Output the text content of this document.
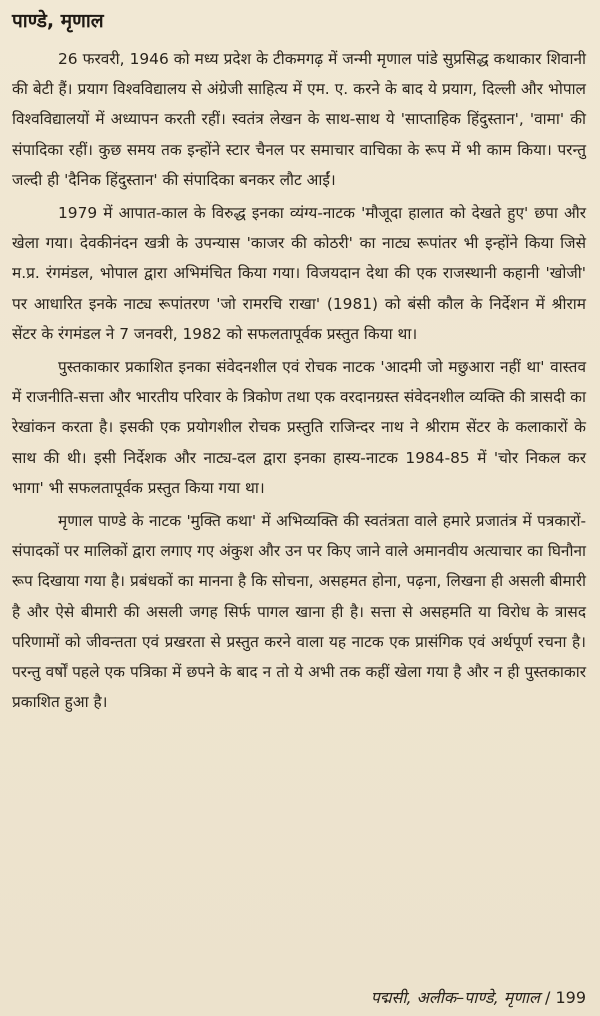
पाण्डे, मृणाल

26 फरवरी, 1946 को मध्य प्रदेश के टीकमगढ़ में जन्मी मृणाल पांडे सुप्रसिद्ध कथाकार शिवानी की बेटी हैं। प्रयाग विश्वविद्यालय से अंग्रेजी साहित्य में एम. ए. करने के बाद ये प्रयाग, दिल्ली और भोपाल विश्वविद्यालयों में अध्यापन करती रहीं। स्वतंत्र लेखन के साथ-साथ ये 'साप्ताहिक हिंदुस्तान', 'वामा' की संपादिका रहीं। कुछ समय तक इन्होंने स्टार चैनल पर समाचार वाचिका के रूप में भी काम किया। परन्तु जल्दी ही 'दैनिक हिंदुस्तान' की संपादिका बनकर लौट आईं।

1979 में आपात-काल के विरुद्ध इनका व्यंग्य-नाटक 'मौजूदा हालात को देखते हुए' छपा और खेला गया। देवकीनंदन खत्री के उपन्यास 'काजर की कोठरी' का नाट्य रूपांतर भी इन्होंने किया जिसे म.प्र. रंगमंडल, भोपाल द्वारा अभिमंचित किया गया। विजयदान देथा की एक राजस्थानी कहानी 'खोजी' पर आधारित इनके नाट्य रूपांतरण 'जो रामरचि राखा' (1981) को बंसी कौल के निर्देशन में श्रीराम सेंटर के रंगमंडल ने 7 जनवरी, 1982 को सफलतापूर्वक प्रस्तुत किया था।

पुस्तकाकार प्रकाशित इनका संवेदनशील एवं रोचक नाटक 'आदमी जो मछुआरा नहीं था' वास्तव में राजनीति-सत्ता और भारतीय परिवार के त्रिकोण तथा एक वरदानग्रस्त संवेदनशील व्यक्ति की त्रासदी का रेखांकन करता है। इसकी एक प्रयोगशील रोचक प्रस्तुति राजिन्दर नाथ ने श्रीराम सेंटर के कलाकारों के साथ की थी। इसी निर्देशक और नाट्य-दल द्वारा इनका हास्य-नाटक 1984-85 में 'चोर निकल कर भागा' भी सफलतापूर्वक प्रस्तुत किया गया था।

मृणाल पाण्डे के नाटक 'मुक्ति कथा' में अभिव्यक्ति की स्वतंत्रता वाले हमारे प्रजातंत्र में पत्रकारों-संपादकों पर मालिकों द्वारा लगाए गए अंकुश और उन पर किए जाने वाले अमानवीय अत्याचार का घिनौना रूप दिखाया गया है। प्रबंधकों का मानना है कि सोचना, असहमत होना, पढ़ना, लिखना ही असली बीमारी है और ऐसे बीमारी की असली जगह सिर्फ पागल खाना ही है। सत्ता से असहमति या विरोध के त्रासद परिणामों को जीवन्तता एवं प्रखरता से प्रस्तुत करने वाला यह नाटक एक प्रासंगिक एवं अर्थपूर्ण रचना है। परन्तु वर्षों पहले एक पत्रिका में छपने के बाद न तो ये अभी तक कहीं खेला गया है और न ही पुस्तकाकार प्रकाशित हुआ है।

पद्मसी, अलीक–पाण्डे, मृणाल / 199
